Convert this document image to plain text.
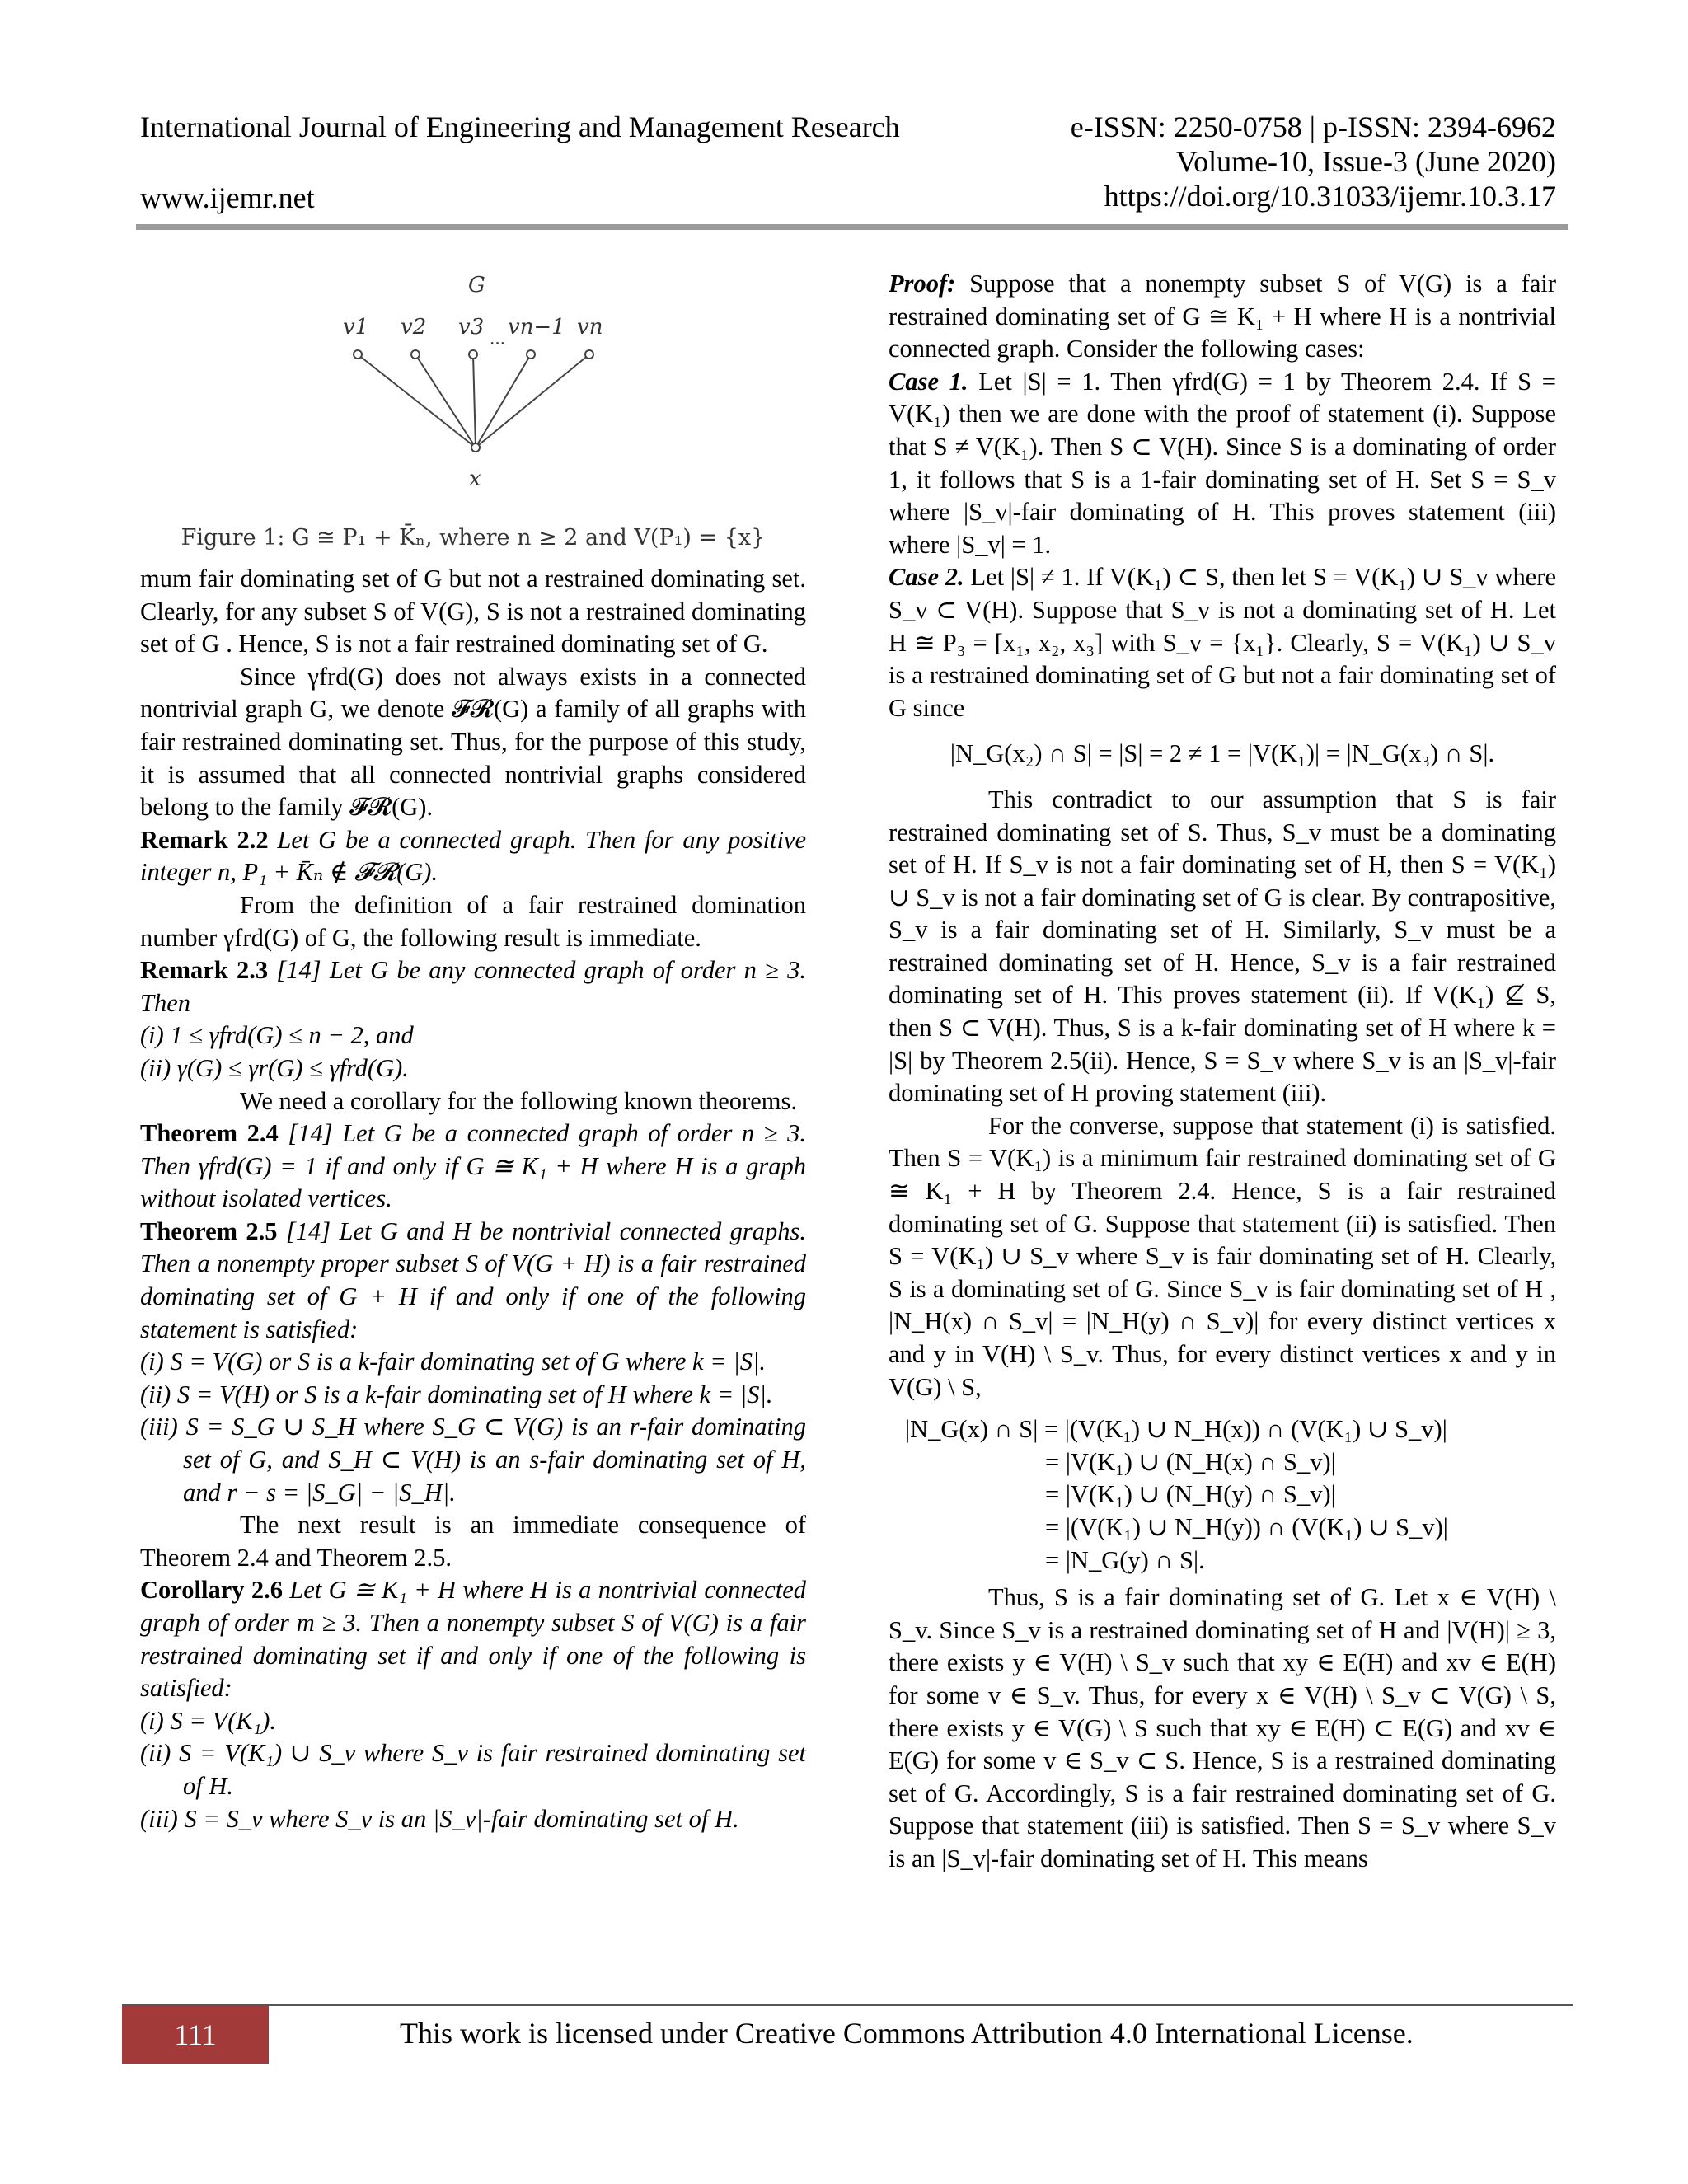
International Journal of Engineering and Management Research
www.ijemr.net
e-ISSN: 2250-0758 | p-ISSN: 2394-6962
Volume-10, Issue-3 (June 2020)
https://doi.org/10.31033/ijemr.10.3.17
G
v1 v2 v3 vn−1 vn
···
x
Figure 1: G ≅ P₁ + K̄ₙ, where n ≥ 2 and V(P₁) = {x}

mum fair dominating set of G but not a restrained dominating set. Clearly, for any subset S of V(G), S is not a restrained dominating set of G . Hence, S is not a fair restrained dominating set of G.

Since γfrd(G) does not always exists in a connected nontrivial graph G, we denote 𝓕𝓡(G) a family of all graphs with fair restrained dominating set. Thus, for the purpose of this study, it is assumed that all connected nontrivial graphs considered belong to the family 𝓕𝓡(G).

Remark 2.2 Let G be a connected graph. Then for any positive integer n, P₁ + K̄ₙ ∉ 𝓕𝓡(G).

From the definition of a fair restrained domination number γfrd(G) of G, the following result is immediate.

Remark 2.3 [14] Let G be any connected graph of order n ≥ 3. Then

(i) 1 ≤ γfrd(G) ≤ n − 2, and

(ii) γ(G) ≤ γr(G) ≤ γfrd(G).

We need a corollary for the following known theorems.

Theorem 2.4 [14] Let G be a connected graph of order n ≥ 3. Then γfrd(G) = 1 if and only if G ≅ K₁ + H where H is a graph without isolated vertices.

Theorem 2.5 [14] Let G and H be nontrivial connected graphs. Then a nonempty proper subset S of V(G + H) is a fair restrained dominating set of G + H if and only if one of the following statement is satisfied:

(i) S = V(G) or S is a k-fair dominating set of G where k = |S|.

(ii) S = V(H) or S is a k-fair dominating set of H where k = |S|.

(iii) S = S_G ∪ S_H where S_G ⊂ V(G) is an r-fair dominating set of G, and S_H ⊂ V(H) is an s-fair dominating set of H, and r − s = |S_G| − |S_H|.

The next result is an immediate consequence of Theorem 2.4 and Theorem 2.5.

Corollary 2.6 Let G ≅ K₁ + H where H is a nontrivial connected graph of order m ≥ 3. Then a nonempty subset S of V(G) is a fair restrained dominating set if and only if one of the following is satisfied:

(i) S = V(K₁).

(ii) S = V(K₁) ∪ S_v where S_v is fair restrained dominating set of H.

(iii) S = S_v where S_v is an |S_v|-fair dominating set of H.

Proof: Suppose that a nonempty subset S of V(G) is a fair restrained dominating set of G ≅ K₁ + H where H is a nontrivial connected graph. Consider the following cases:

Case 1. Let |S| = 1. Then γfrd(G) = 1 by Theorem 2.4. If S = V(K₁) then we are done with the proof of statement (i). Suppose that S ≠ V(K₁). Then S ⊂ V(H). Since S is a dominating of order 1, it follows that S is a 1-fair dominating set of H. Set S = S_v where |S_v|-fair dominating of H. This proves statement (iii) where |S_v| = 1.

Case 2. Let |S| ≠ 1. If V(K₁) ⊂ S, then let S = V(K₁) ∪ S_v where S_v ⊂ V(H). Suppose that S_v is not a dominating set of H. Let H ≅ P₃ = [x₁, x₂, x₃] with S_v = {x₁}. Clearly, S = V(K₁) ∪ S_v is a restrained dominating set of G but not a fair dominating set of G since

|N_G(x₂) ∩ S| = |S| = 2 ≠ 1 = |V(K₁)| = |N_G(x₃) ∩ S|.

This contradict to our assumption that S is fair restrained dominating set of S. Thus, S_v must be a dominating set of H. If S_v is not a fair dominating set of H, then S = V(K₁) ∪ S_v is not a fair dominating set of G is clear. By contrapositive, S_v is a fair dominating set of H. Similarly, S_v must be a restrained dominating set of H. Hence, S_v is a fair restrained dominating set of H. This proves statement (ii). If V(K₁) ⊈ S, then S ⊂ V(H). Thus, S is a k-fair dominating set of H where k = |S| by Theorem 2.5(ii). Hence, S = S_v where S_v is an |S_v|-fair dominating set of H proving statement (iii).

For the converse, suppose that statement (i) is satisfied. Then S = V(K₁) is a minimum fair restrained dominating set of G ≅ K₁ + H by Theorem 2.4. Hence, S is a fair restrained dominating set of G. Suppose that statement (ii) is satisfied. Then S = V(K₁) ∪ S_v where S_v is fair dominating set of H. Clearly, S is a dominating set of G. Since S_v is fair dominating set of H , |N_H(x) ∩ S_v| = |N_H(y) ∩ S_v)| for every distinct vertices x and y in V(H) \ S_v. Thus, for every distinct vertices x and y in V(G) \ S,

|N_G(x) ∩ S| = |(V(K₁) ∪ N_H(x)) ∩ (V(K₁) ∪ S_v)|
= |V(K₁) ∪ (N_H(x) ∩ S_v)|
= |V(K₁) ∪ (N_H(y) ∩ S_v)|
= |(V(K₁) ∪ N_H(y)) ∩ (V(K₁) ∪ S_v)|
= |N_G(y) ∩ S|.

Thus, S is a fair dominating set of G. Let x ∈ V(H) \ S_v. Since S_v is a restrained dominating set of H and |V(H)| ≥ 3, there exists y ∈ V(H) \ S_v such that xy ∈ E(H) and xv ∈ E(H) for some v ∈ S_v. Thus, for every x ∈ V(H) \ S_v ⊂ V(G) \ S, there exists y ∈ V(G) \ S such that xy ∈ E(H) ⊂ E(G) and xv ∈ E(G) for some v ∈ S_v ⊂ S. Hence, S is a restrained dominating set of G. Accordingly, S is a fair restrained dominating set of G. Suppose that statement (iii) is satisfied. Then S = S_v where S_v is an |S_v|-fair dominating set of H. This means

111	This work is licensed under Creative Commons Attribution 4.0 International License.
